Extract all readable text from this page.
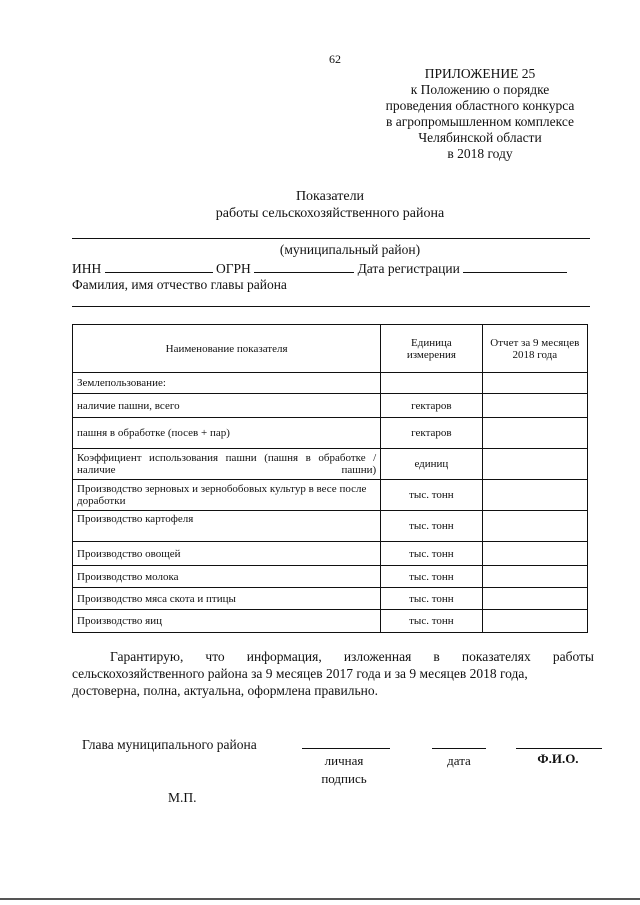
62
ПРИЛОЖЕНИЕ 25
к Положению о порядке
проведения областного конкурса
в агропромышленном комплексе
Челябинской области
в 2018 году
Показатели
работы сельскохозяйственного района
(муниципальный район)
ИНН	ОГРН	Дата регистрации
Фамилия, имя отчество главы района
Наименование показателя	Единица измерения	Отчет за 9 месяцев 2018 года
Землепользование:		
наличие пашни, всего	гектаров	
пашня в обработке (посев + пар)	гектаров	
Коэффициент использования пашни (пашня в обработке / наличие пашни)	единиц	
Производство зерновых и зернобобовых культур в весе после доработки	тыс. тонн	
Производство картофеля	тыс. тонн	
Производство овощей	тыс. тонн	
Производство молока	тыс. тонн	
Производство мяса скота и птицы	тыс. тонн	
Производство яиц	тыс. тонн	
Гарантирую, что информация, изложенная в показателях работы
сельскохозяйственного района за 9 месяцев 2017 года и за 9 месяцев 2018 года,
достоверна, полна, актуальна, оформлена правильно.
Глава муниципального района
личная
подпись
дата	Ф.И.О.
М.П.
